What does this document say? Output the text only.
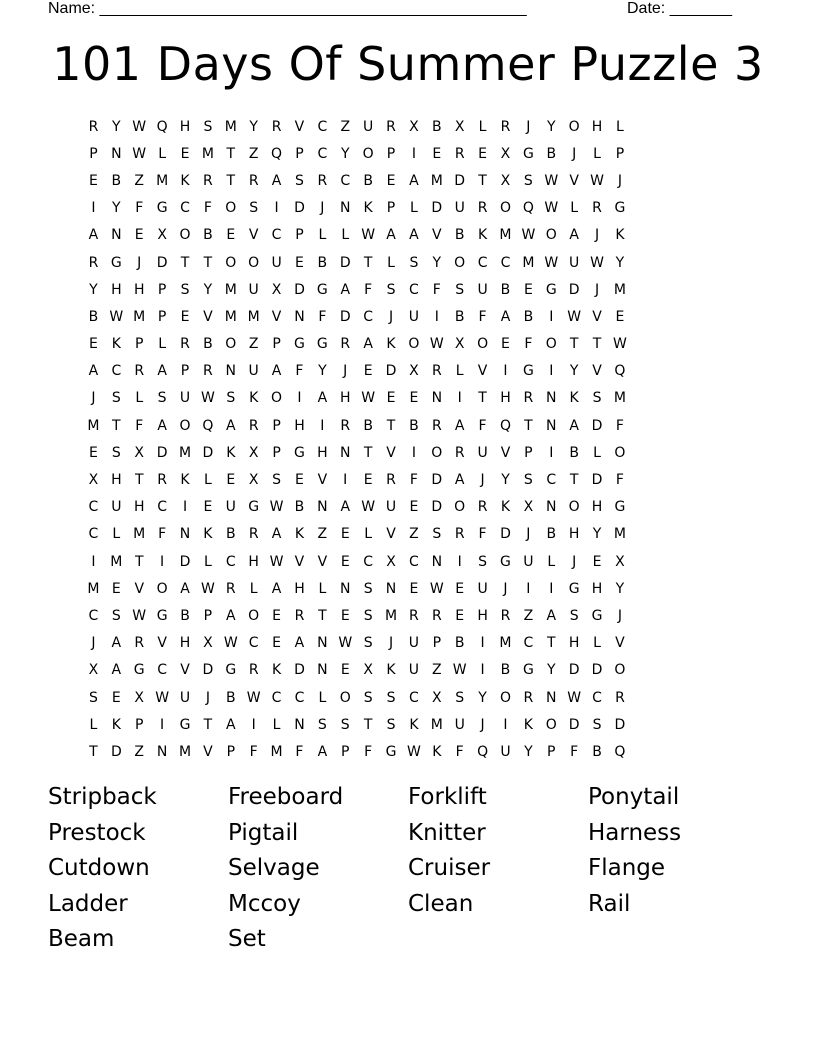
Name: ________________________________________________	Date: _______
101 Days Of Summer Puzzle 3
R Y W Q H S M Y R V C Z U R X B X	L	R	J	Y O H L
P N W L	E M T Z Q P C Y O P	I	E R E X G B	J	L	P
E B Z M K R T R A S R C B E A M D T X S W V W J
I	Y	F G C F O S	I	D	J	N K	P	L D U R O Q W L	R G
A N E X O B E V C P	L	L W A A V B K M W O A	J	K
R G	J	D T	T O O U E B D T	L	S	Y O C C M W U W Y
Y H H P	S	Y M U X D G A	F	S C F	S U B E G D	J	M
B W M P	E V M M V N F D C	J	U	I	B	F	A B	I W V E
E K	P	L	R B O Z P G G R A K O W X O E	F O T	T W
A C R A P R N U A	F	Y	J	E D X R	L	V	I	G	I	Y V Q
J	S	L	S U W S K O	I	A H W E	E N	I	T H R N K S M
M T	F	A O Q A R P H	I	R B T B R A	F Q T N A D F
E	S X D M D K X P G H N T V	I	O R U V P	I	B	L O
X H T R K	L	E X S	E V	I	E R F D A	J	Y	S C T D F
C U H C	I	E U G W B N A W U E D O R K X N O H G
C	L M F N K B R A K Z E	L	V Z S R F D	J	B H Y M
I	M T	I	D L	C H W V V E C X C N	I	S G U L	J	E X
M E V O A W R	L	A H L N S N E W E U	J	I	I	G H Y
C S W G B P A O E R T	E	S M R R E H R Z A S G	J
J	A R V H X W C E A N W S	J	U P B	I	M C T H L	V
X A G C V D G R K D N E X K U Z W I	B G Y D D O
S	E X W U	J	B W C C	L O S	S C X S	Y O R N W C R
L	K	P	I	G T A	I	L N S	S	T	S K M U	J	I	K O D S D
T D Z N M V P	F M F	A P	F G W K	F Q U Y	P	F	B Q
Stripback	Freeboard	Forklift	Ponytail
Prestock	Pigtail	Knitter	Harness
Cutdown	Selvage	Cruiser	Flange
Ladder	Mccoy	Clean	Rail
Beam	Set
